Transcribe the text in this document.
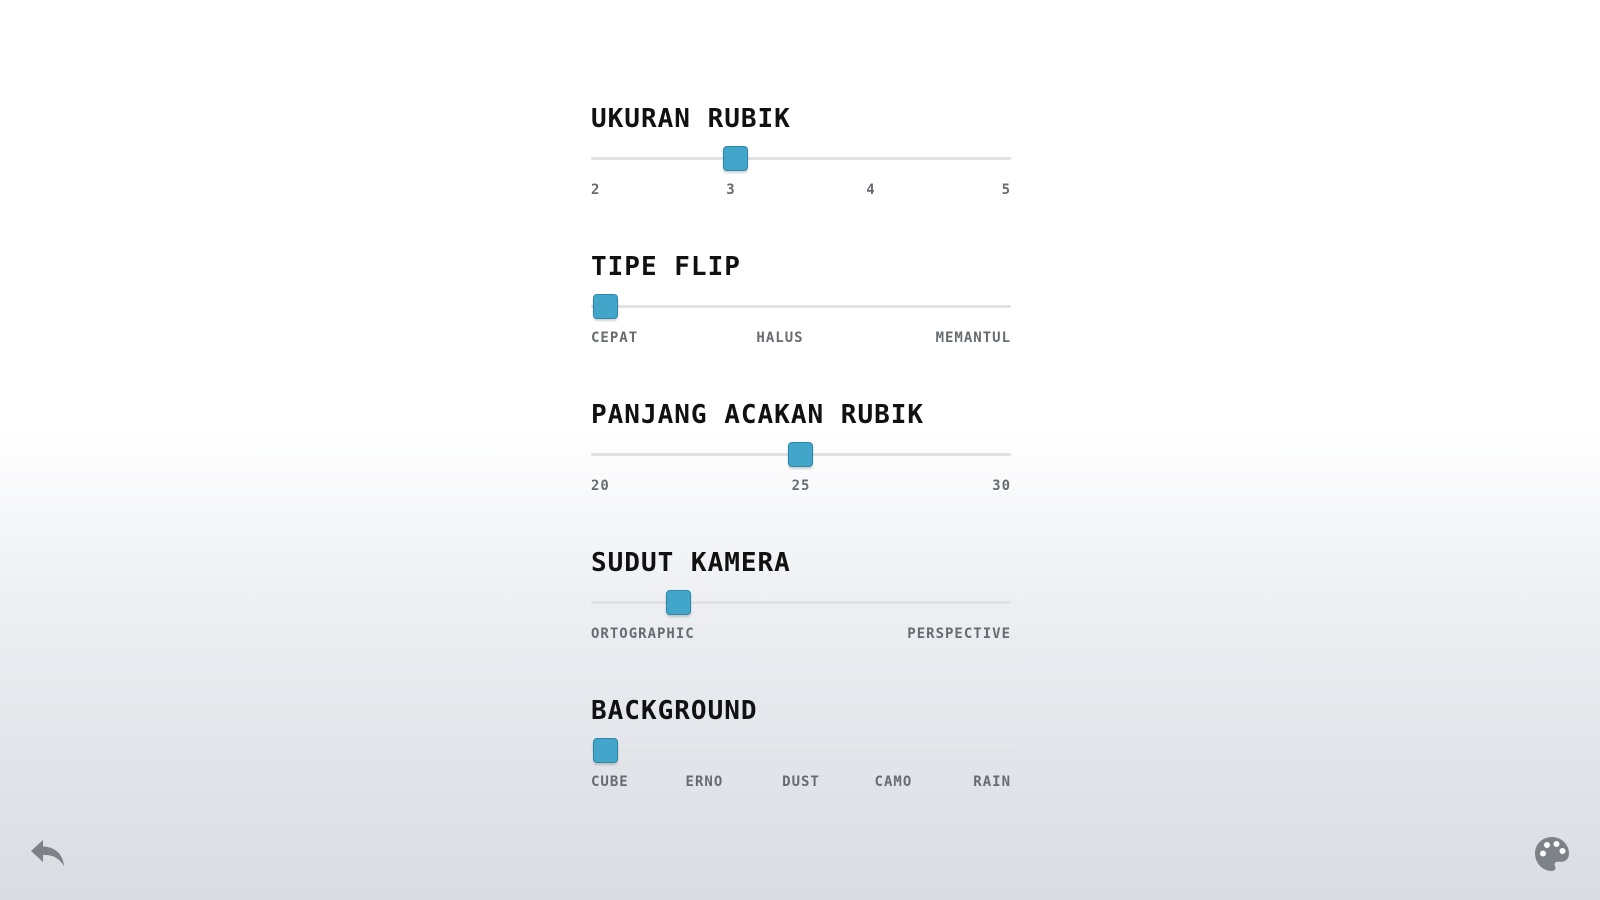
UKURAN RUBIK
2	3	4	5
TIPE FLIP
CEPAT	HALUS	MEMANTUL
PANJANG ACAKAN RUBIK
20	25	30
SUDUT KAMERA
ORTOGRAPHIC	PERSPECTIVE
BACKGROUND
CUBE	ERNO	DUST	CAMO	RAIN
